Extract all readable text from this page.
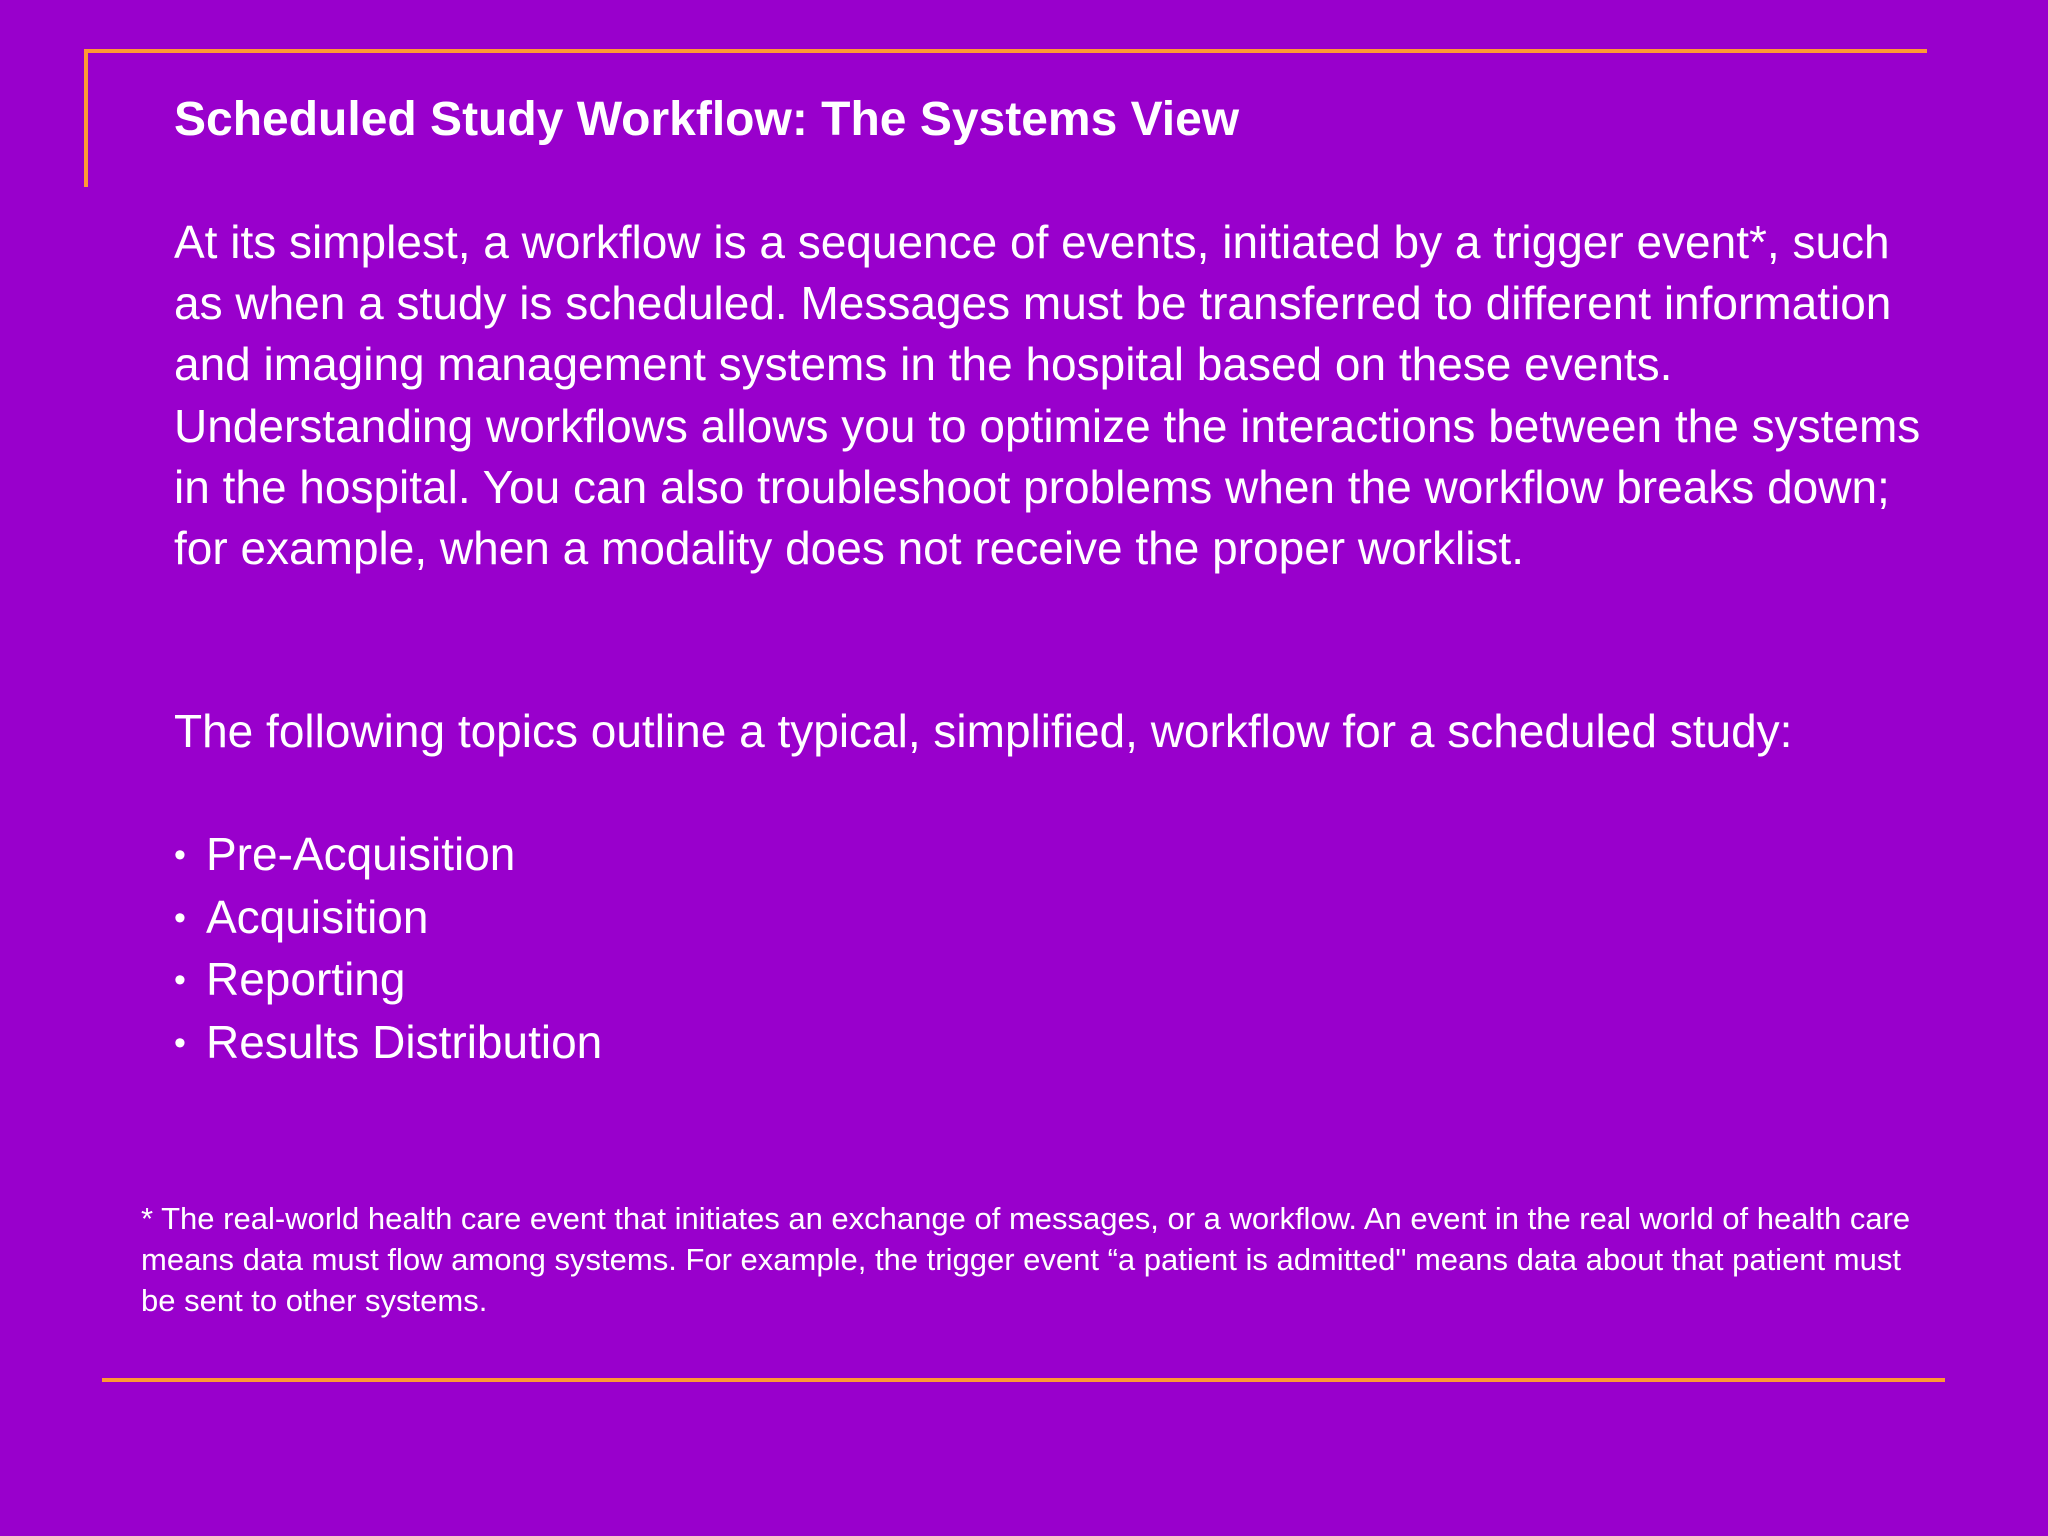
Scheduled Study Workflow: The Systems View

At its simplest, a workflow is a sequence of events, initiated by a trigger event*, such as when a study is scheduled. Messages must be transferred to different information and imaging management systems in the hospital based on these events. Understanding workflows allows you to optimize the interactions between the systems in the hospital. You can also troubleshoot problems when the workflow breaks down; for example, when a modality does not receive the proper worklist.

The following topics outline a typical, simplified, workflow for a scheduled study:

• Pre-Acquisition
• Acquisition
• Reporting
• Results Distribution

* The real-world health care event that initiates an exchange of messages, or a workflow. An event in the real world of health care means data must flow among systems. For example, the trigger event “a patient is admitted" means data about that patient must be sent to other systems.
